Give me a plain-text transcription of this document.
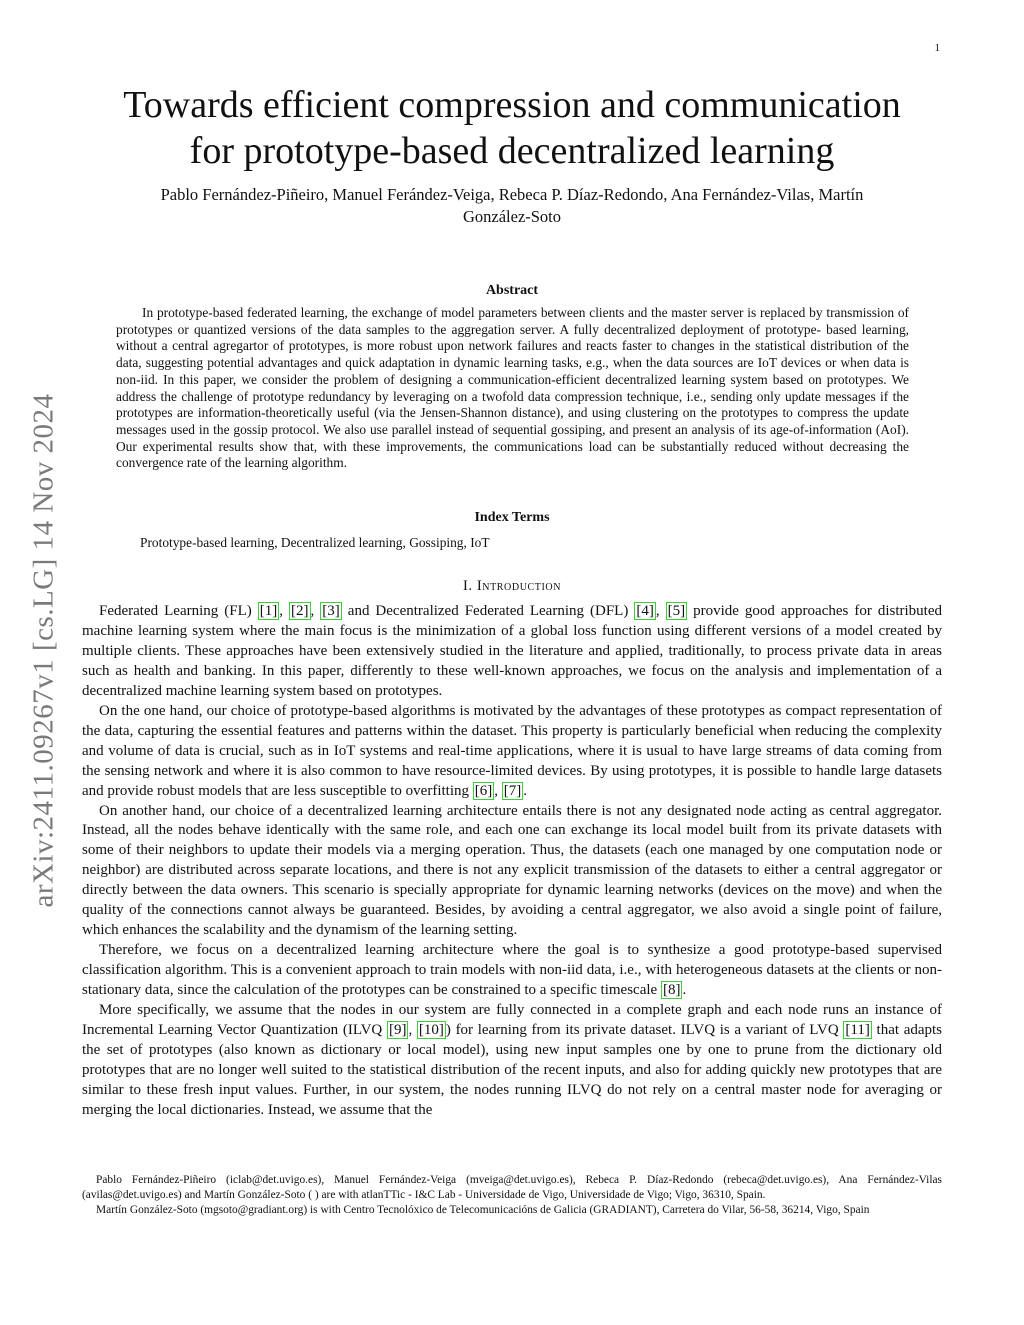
1
arXiv:2411.09267v1 [cs.LG] 14 Nov 2024
Towards efficient compression and communication
for prototype-based decentralized learning
Pablo Fernández-Piñeiro, Manuel Ferández-Veiga, Rebeca P. Díaz-Redondo, Ana Fernández-Vilas, Martín
González-Soto
Abstract

In prototype-based federated learning, the exchange of model parameters between clients and the master server is replaced by transmission of prototypes or quantized versions of the data samples to the aggregation server. A fully decentralized deployment of prototype- based learning, without a central agregartor of prototypes, is more robust upon network failures and reacts faster to changes in the statistical distribution of the data, suggesting potential advantages and quick adaptation in dynamic learning tasks, e.g., when the data sources are IoT devices or when data is non-iid. In this paper, we consider the problem of designing a communication-efficient decentralized learning system based on prototypes. We address the challenge of prototype redundancy by leveraging on a twofold data compression technique, i.e., sending only update messages if the prototypes are information-theoretically useful (via the Jensen-Shannon distance), and using clustering on the prototypes to compress the update messages used in the gossip protocol. We also use parallel instead of sequential gossiping, and present an analysis of its age-of-information (AoI). Our experimental results show that, with these improvements, the communications load can be substantially reduced without decreasing the convergence rate of the learning algorithm.

Index Terms
Prototype-based learning, Decentralized learning, Gossiping, IoT
I. Introduction

Federated Learning (FL) [1] , [2] , [3] and Decentralized Federated Learning (DFL) [4] , [5] provide good approaches for distributed machine learning system where the main focus is the minimization of a global loss function using different versions of a model created by multiple clients. These approaches have been extensively studied in the literature and applied, traditionally, to process private data in areas such as health and banking. In this paper, differently to these well-known approaches, we focus on the analysis and implementation of a decentralized machine learning system based on prototypes.

On the one hand, our choice of prototype-based algorithms is motivated by the advantages of these prototypes as compact representation of the data, capturing the essential features and patterns within the dataset. This property is particularly beneficial when reducing the complexity and volume of data is crucial, such as in IoT systems and real-time applications, where it is usual to have large streams of data coming from the sensing network and where it is also common to have resource-limited devices. By using prototypes, it is possible to handle large datasets and provide robust models that are less susceptible to overfitting [6] , [7] .

On another hand, our choice of a decentralized learning architecture entails there is not any designated node acting as central aggregator. Instead, all the nodes behave identically with the same role, and each one can exchange its local model built from its private datasets with some of their neighbors to update their models via a merging operation. Thus, the datasets (each one managed by one computation node or neighbor) are distributed across separate locations, and there is not any explicit transmission of the datasets to either a central aggregator or directly between the data owners. This scenario is specially appropriate for dynamic learning networks (devices on the move) and when the quality of the connections cannot always be guaranteed. Besides, by avoiding a central aggregator, we also avoid a single point of failure, which enhances the scalability and the dynamism of the learning setting.

Therefore, we focus on a decentralized learning architecture where the goal is to synthesize a good prototype-based supervised classification algorithm. This is a convenient approach to train models with non-iid data, i.e., with heterogeneous datasets at the clients or non-stationary data, since the calculation of the prototypes can be constrained to a specific timescale [8] .

More specifically, we assume that the nodes in our system are fully connected in a complete graph and each node runs an instance of Incremental Learning Vector Quantization (ILVQ [9] , [10] ) for learning from its private dataset. ILVQ is a variant of LVQ [11] that adapts the set of prototypes (also known as dictionary or local model), using new input samples one by one to prune from the dictionary old prototypes that are no longer well suited to the statistical distribution of the recent inputs, and also for adding quickly new prototypes that are similar to these fresh input values. Further, in our system, the nodes running ILVQ do not rely on a central master node for averaging or merging the local dictionaries. Instead, we assume that the

Pablo Fernández-Piñeiro (iclab@det.uvigo.es), Manuel Fernández-Veiga (mveiga@det.uvigo.es), Rebeca P. Díaz-Redondo (rebeca@det.uvigo.es), Ana Fernández-Vilas (avilas@det.uvigo.es) and Martín González-Soto ( ) are with atlanTTic - I&C Lab - Universidade de Vigo, Universidade de Vigo; Vigo, 36310, Spain.

Martín González-Soto (mgsoto@gradiant.org) is with Centro Tecnolóxico de Telecomunicacións de Galicia (GRADIANT), Carretera do Vilar, 56-58, 36214, Vigo, Spain
